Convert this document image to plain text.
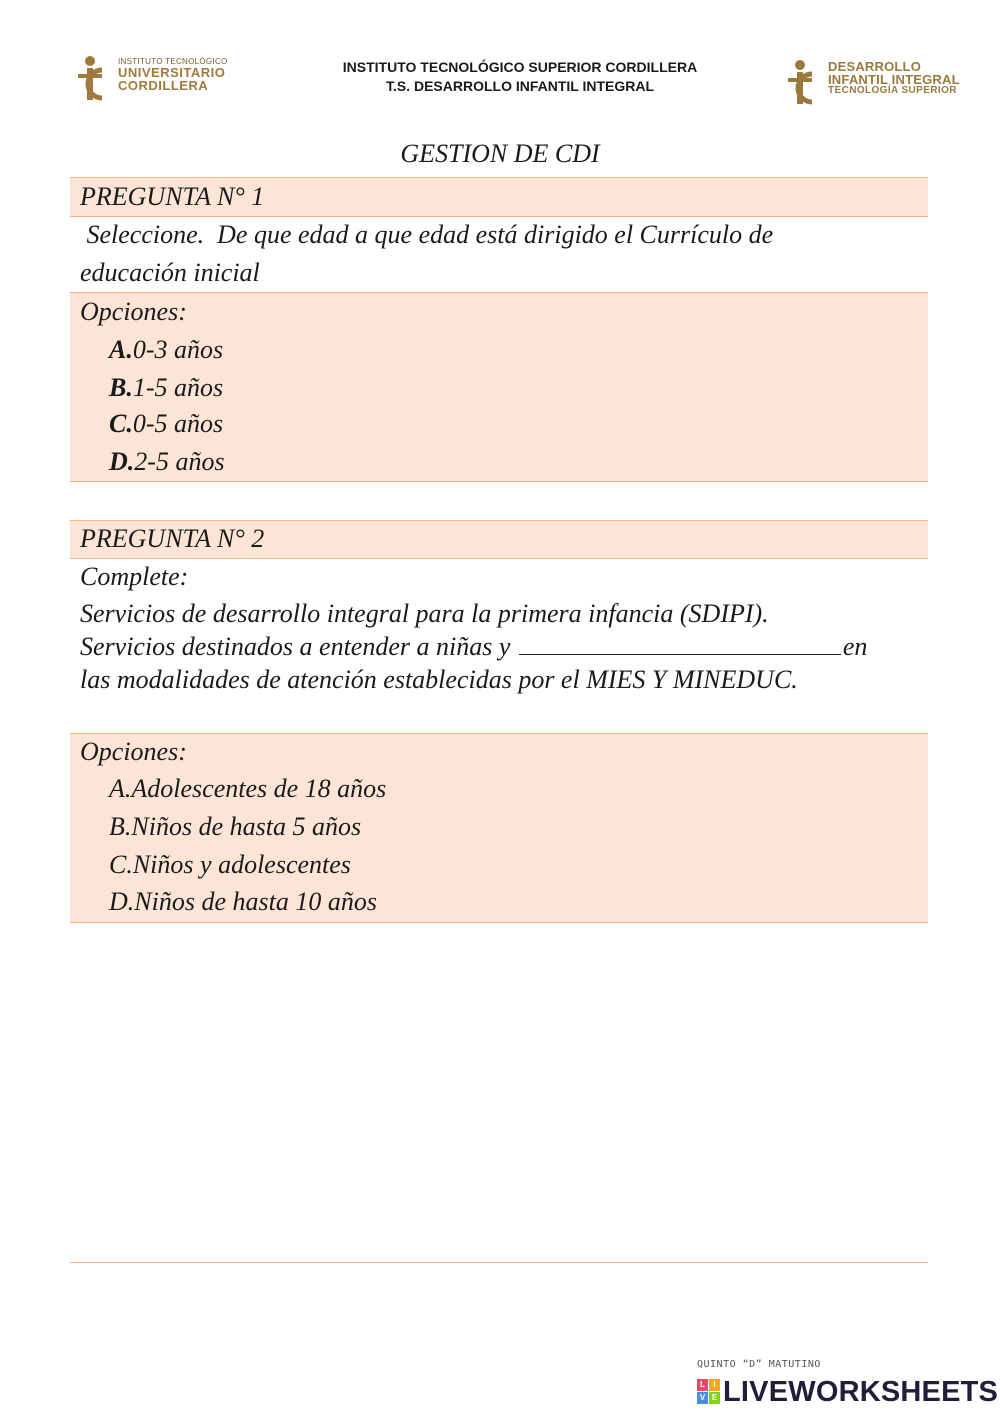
INSTITUTO TECNOLÓGICO
UNIVERSITARIO
CORDILLERA
INSTITUTO TECNOLÓGICO SUPERIOR CORDILLERA
T.S. DESARROLLO INFANTIL INTEGRAL
DESARROLLO
INFANTIL INTEGRAL
TECNOLOGÍA SUPERIOR
GESTION DE CDI
PREGUNTA N° 1
Seleccione.  De que edad a que edad está dirigido el Currículo de
educación inicial
Opciones:
A.0-3 años
B.1-5 años
C.0-5 años
D.2-5 años
PREGUNTA N° 2
Complete:
Servicios de desarrollo integral para la primera infancia (SDIPI).
Servicios destinados a entender a niñas y	en
las modalidades de atención establecidas por el MIES Y MINEDUC.
Opciones:
A.Adolescentes de 18 años
B.Niños de hasta 5 años
C.Niños y adolescentes
D.Niños de hasta 10 años
QUINTO “D” MATUTINO
L	I
V E LIVEWORKSHEETS
